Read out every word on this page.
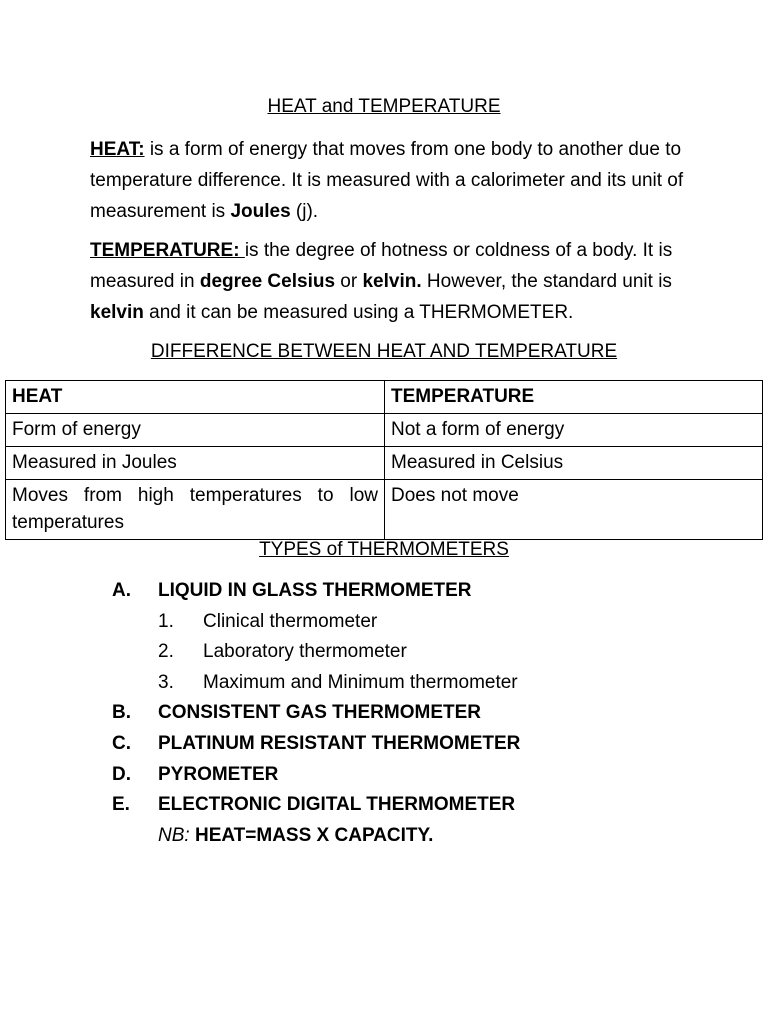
HEAT and TEMPERATURE
HEAT: is a form of energy that moves from one body to another due to temperature difference. It is measured with a calorimeter and its unit of measurement is Joules (j).
TEMPERATURE: is the degree of hotness or coldness of a body. It is measured in degree Celsius or kelvin. However, the standard unit is kelvin and it can be measured using a THERMOMETER.
DIFFERENCE BETWEEN HEAT AND TEMPERATURE
HEAT	TEMPERATURE
Form of energy	Not a form of energy
Measured in Joules	Measured in Celsius
Moves from high temperatures to low temperatures	Does not move
TYPES of THERMOMETERS
A. LIQUID IN GLASS THERMOMETER
1. Clinical thermometer
2. Laboratory thermometer
3. Maximum and Minimum thermometer
B. CONSISTENT GAS THERMOMETER
C. PLATINUM RESISTANT THERMOMETER
D. PYROMETER
E. ELECTRONIC DIGITAL THERMOMETER
NB: HEAT=MASS X CAPACITY.
